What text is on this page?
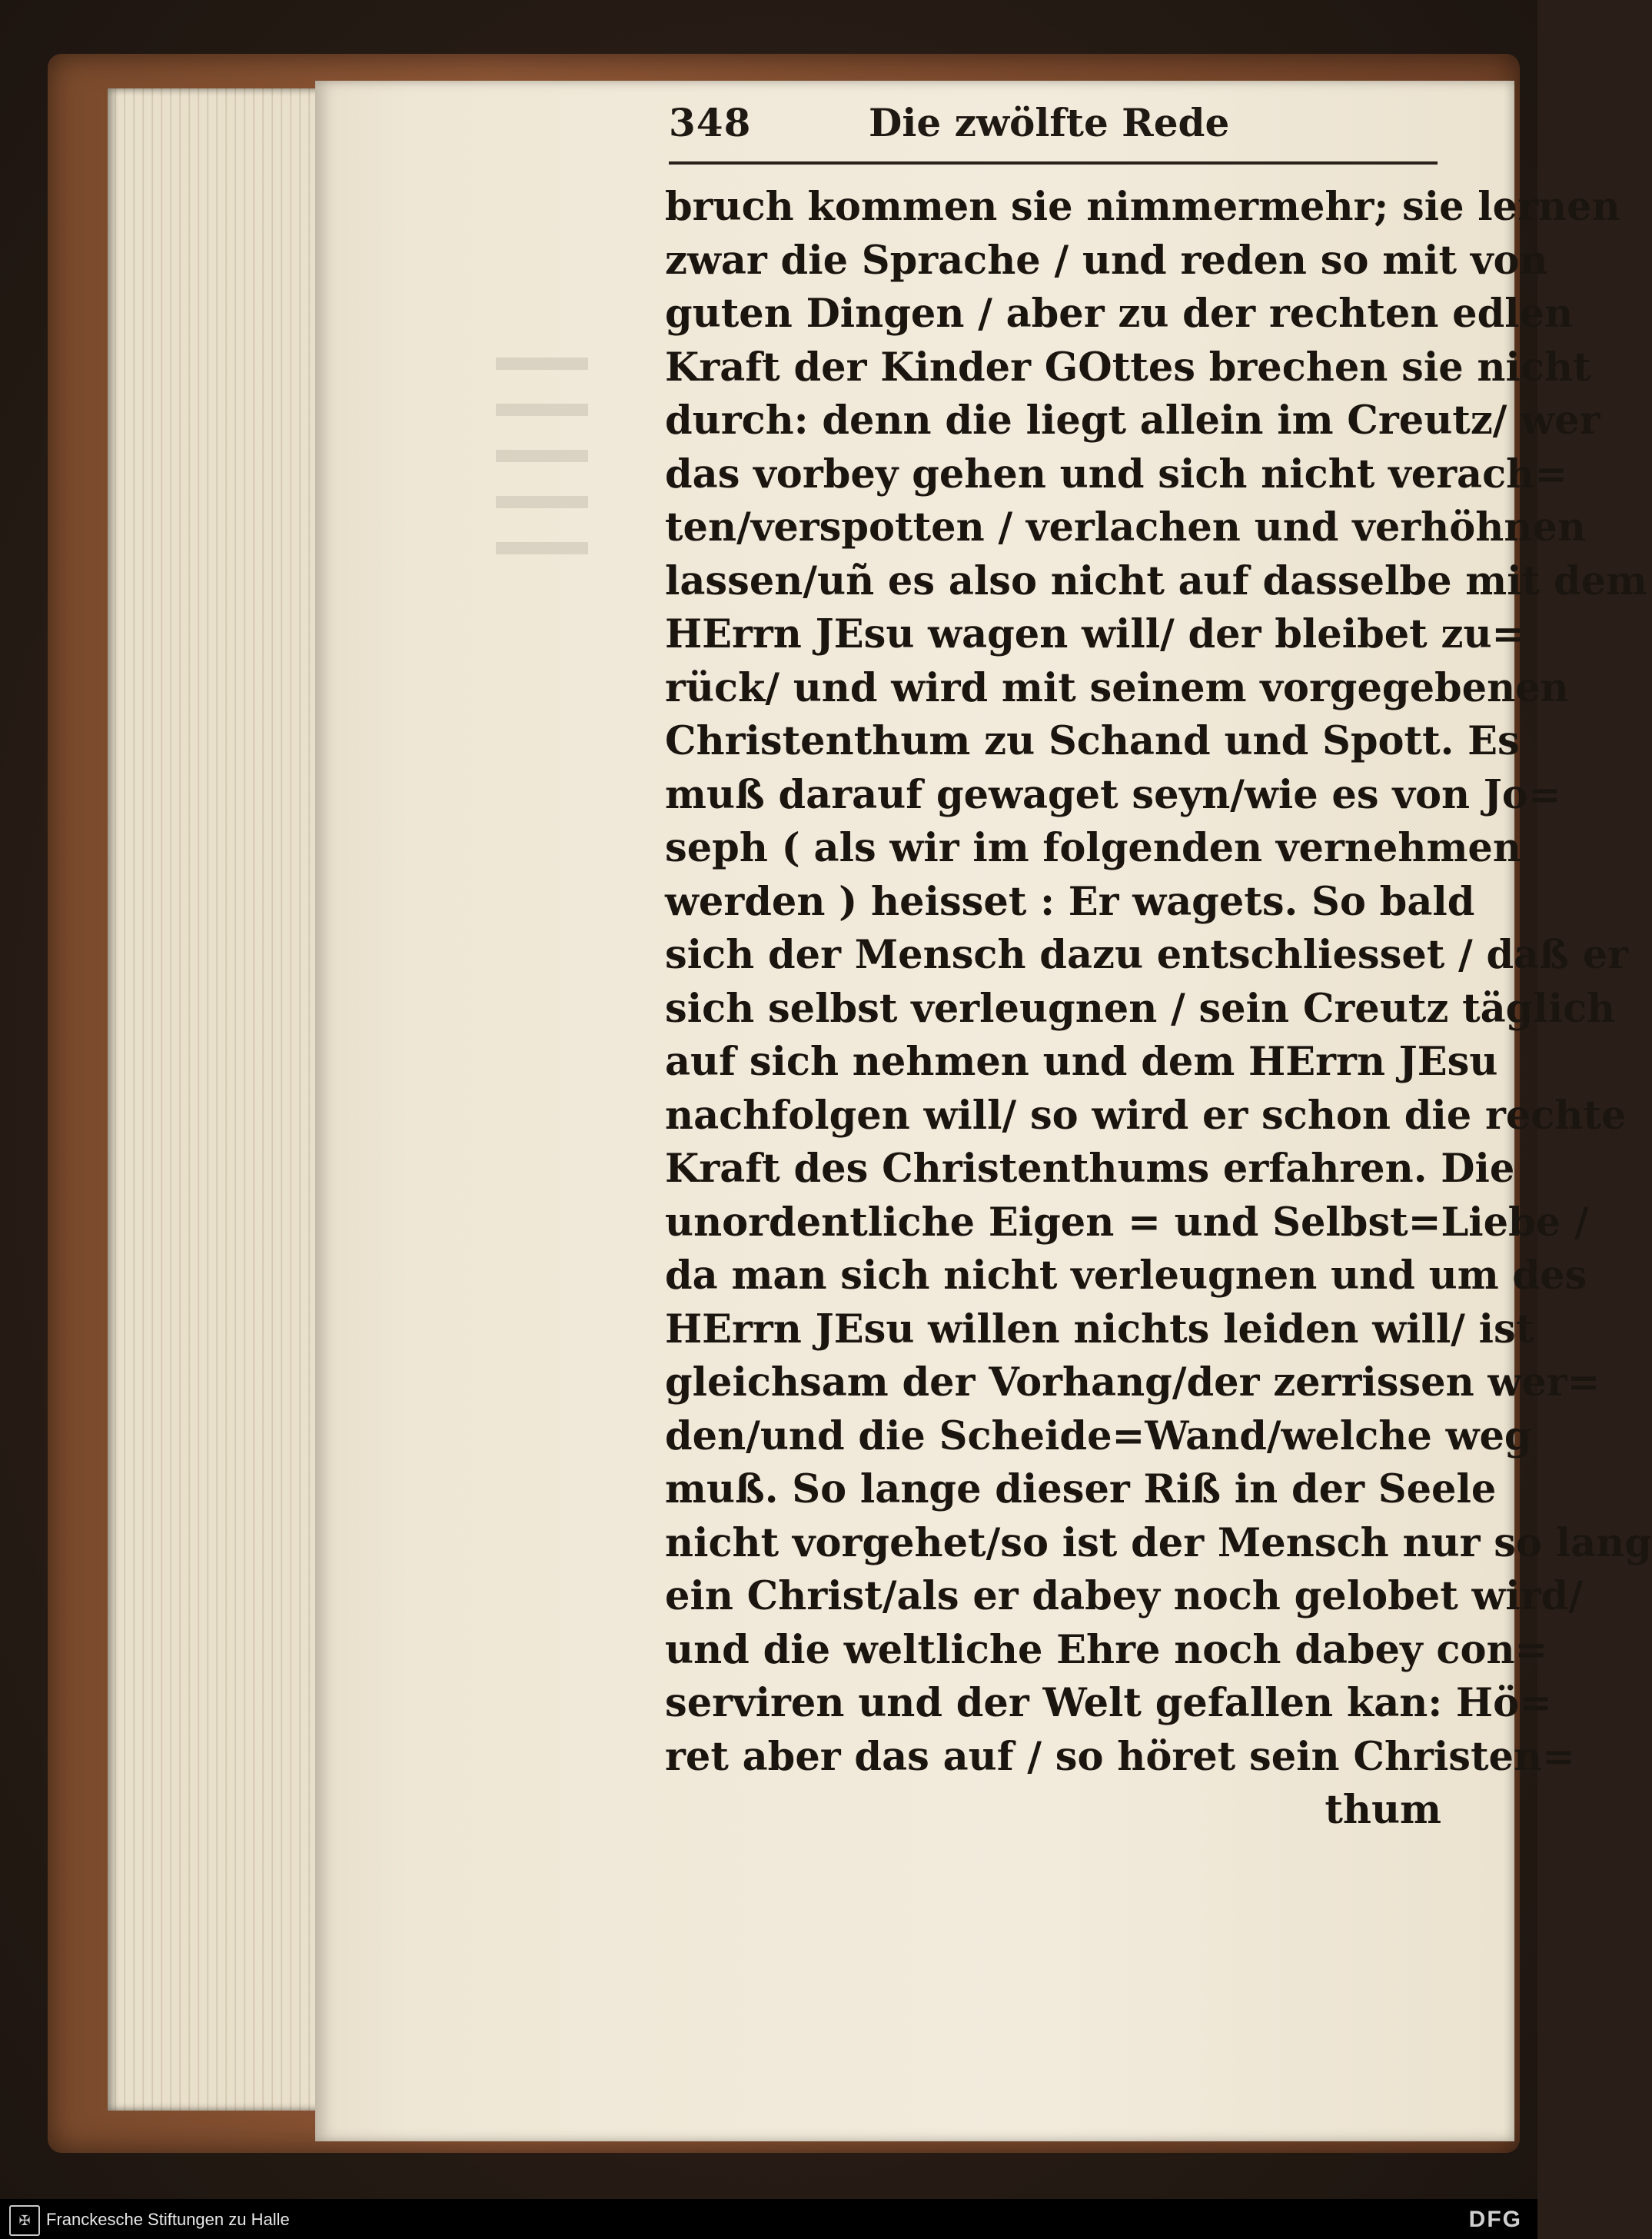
348	Die zwölfte Rede
bruch kommen sie nimmermehr; sie lernen
zwar die Sprache / und reden so mit von
guten Dingen / aber zu der rechten edlen
Kraft der Kinder GOttes brechen sie nicht
durch: denn die liegt allein im Creutz/ wer
das vorbey gehen und sich nicht verach=
ten/verspotten / verlachen und verhöhnen
lassen/uñ es also nicht auf dasselbe mit dem
HErrn JEsu wagen will/ der bleibet zu=
rück/ und wird mit seinem vorgegebenen
Christenthum zu Schand und Spott. Es
muß darauf gewaget seyn/wie es von Jo=
seph ( als wir im folgenden vernehmen
werden ) heisset : Er wagets. So bald
sich der Mensch dazu entschliesset / daß er
sich selbst verleugnen / sein Creutz täglich
auf sich nehmen und dem HErrn JEsu
nachfolgen will/ so wird er schon die rechte
Kraft des Christenthums erfahren. Die
unordentliche Eigen = und Selbst=Liebe /
da man sich nicht verleugnen und um des
HErrn JEsu willen nichts leiden will/ ist
gleichsam der Vorhang/der zerrissen wer=
den/und die Scheide=Wand/welche weg
muß. So lange dieser Riß in der Seele
nicht vorgehet/so ist der Mensch nur so lang
ein Christ/als er dabey noch gelobet wird/
und die weltliche Ehre noch dabey con=
serviren und der Welt gefallen kan: Hö=
ret aber das auf / so höret sein Christen=
thum
✠ Franckesche Stiftungen zu Halle	DFG
